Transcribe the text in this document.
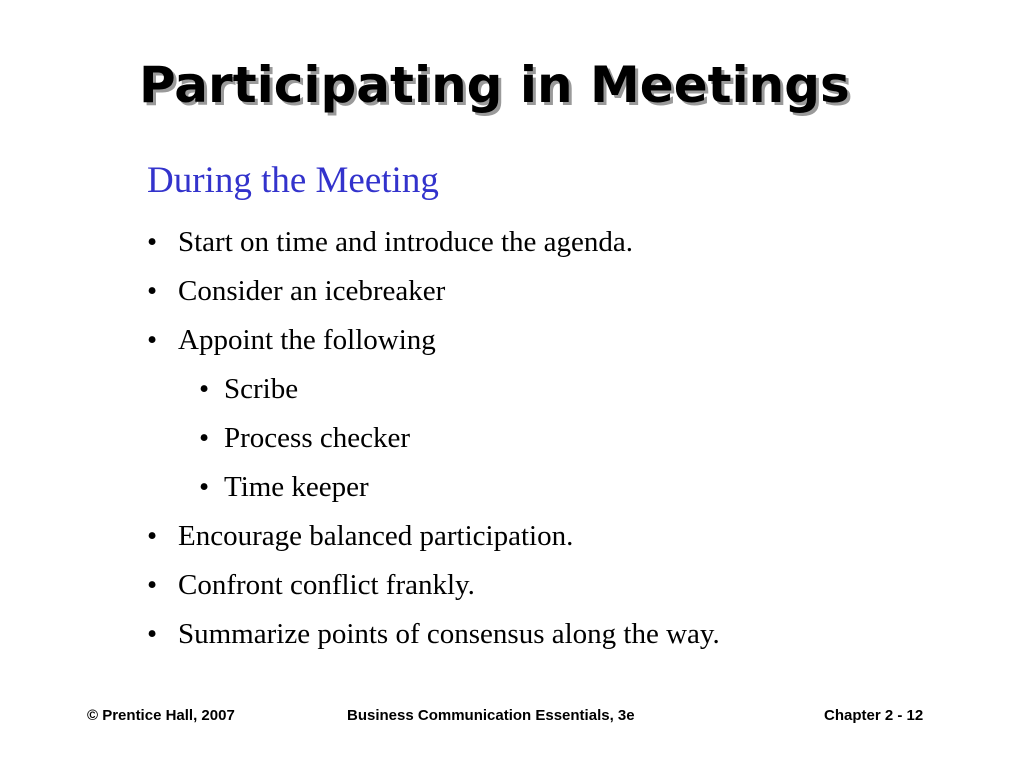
Participating in Meetings
During the Meeting
• Start on time and introduce the agenda.
• Consider an icebreaker
• Appoint the following
• Scribe
• Process checker
• Time keeper
• Encourage balanced participation.
• Confront conflict frankly.
• Summarize points of consensus along the way.
© Prentice Hall, 2007	Business Communication Essentials, 3e	Chapter 2 - 12
